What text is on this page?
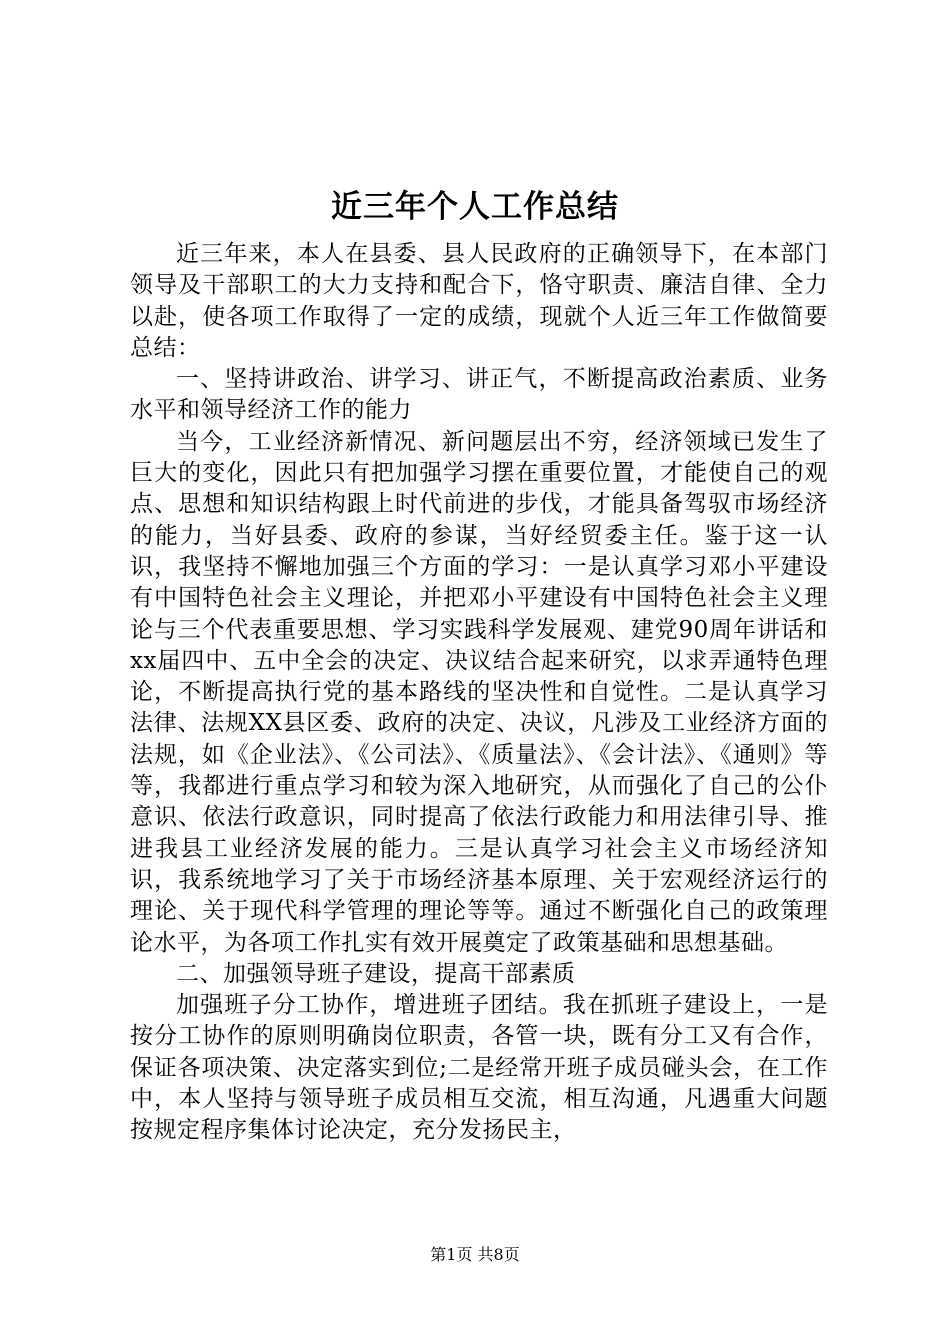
近三年个人工作总结

近三年来，本人在县委、县人民政府的正确领导下，在本部门领导及干部职工的大力支持和配合下，恪守职责、廉洁自律、全力以赴，使各项工作取得了一定的成绩，现就个人近三年工作做简要总结：

一、坚持讲政治、讲学习、讲正气，不断提高政治素质、业务水平和领导经济工作的能力

当今，工业经济新情况、新问题层出不穷，经济领域已发生了巨大的变化，因此只有把加强学习摆在重要位置，才能使自己的观点、思想和知识结构跟上时代前进的步伐，才能具备驾驭市场经济的能力，当好县委、政府的参谋，当好经贸委主任。鉴于这一认识，我坚持不懈地加强三个方面的学习：一是认真学习邓小平建设有中国特色社会主义理论，并把邓小平建设有中国特色社会主义理论与三个代表重要思想、学习实践科学发展观、建党90周年讲话和xx届四中、五中全会的决定、决议结合起来研究，以求弄通特色理论，不断提高执行党的基本路线的坚决性和自觉性。二是认真学习法律、法规XX县区委、政府的决定、决议，凡涉及工业经济方面的法规，如《企业法》、《公司法》、《质量法》、《会计法》、《通则》等等，我都进行重点学习和较为深入地研究，从而强化了自己的公仆意识、依法行政意识，同时提高了依法行政能力和用法律引导、推进我县工业经济发展的能力。三是认真学习社会主义市场经济知识，我系统地学习了关于市场经济基本原理、关于宏观经济运行的理论、关于现代科学管理的理论等等。通过不断强化自己的政策理论水平，为各项工作扎实有效开展奠定了政策基础和思想基础。

二、加强领导班子建设，提高干部素质

加强班子分工协作，增进班子团结。我在抓班子建设上，一是按分工协作的原则明确岗位职责，各管一块，既有分工又有合作，保证各项决策、决定落实到位;二是经常开班子成员碰头会，在工作中，本人坚持与领导班子成员相互交流，相互沟通，凡遇重大问题按规定程序集体讨论决定，充分发扬民主，

第1页 共8页
